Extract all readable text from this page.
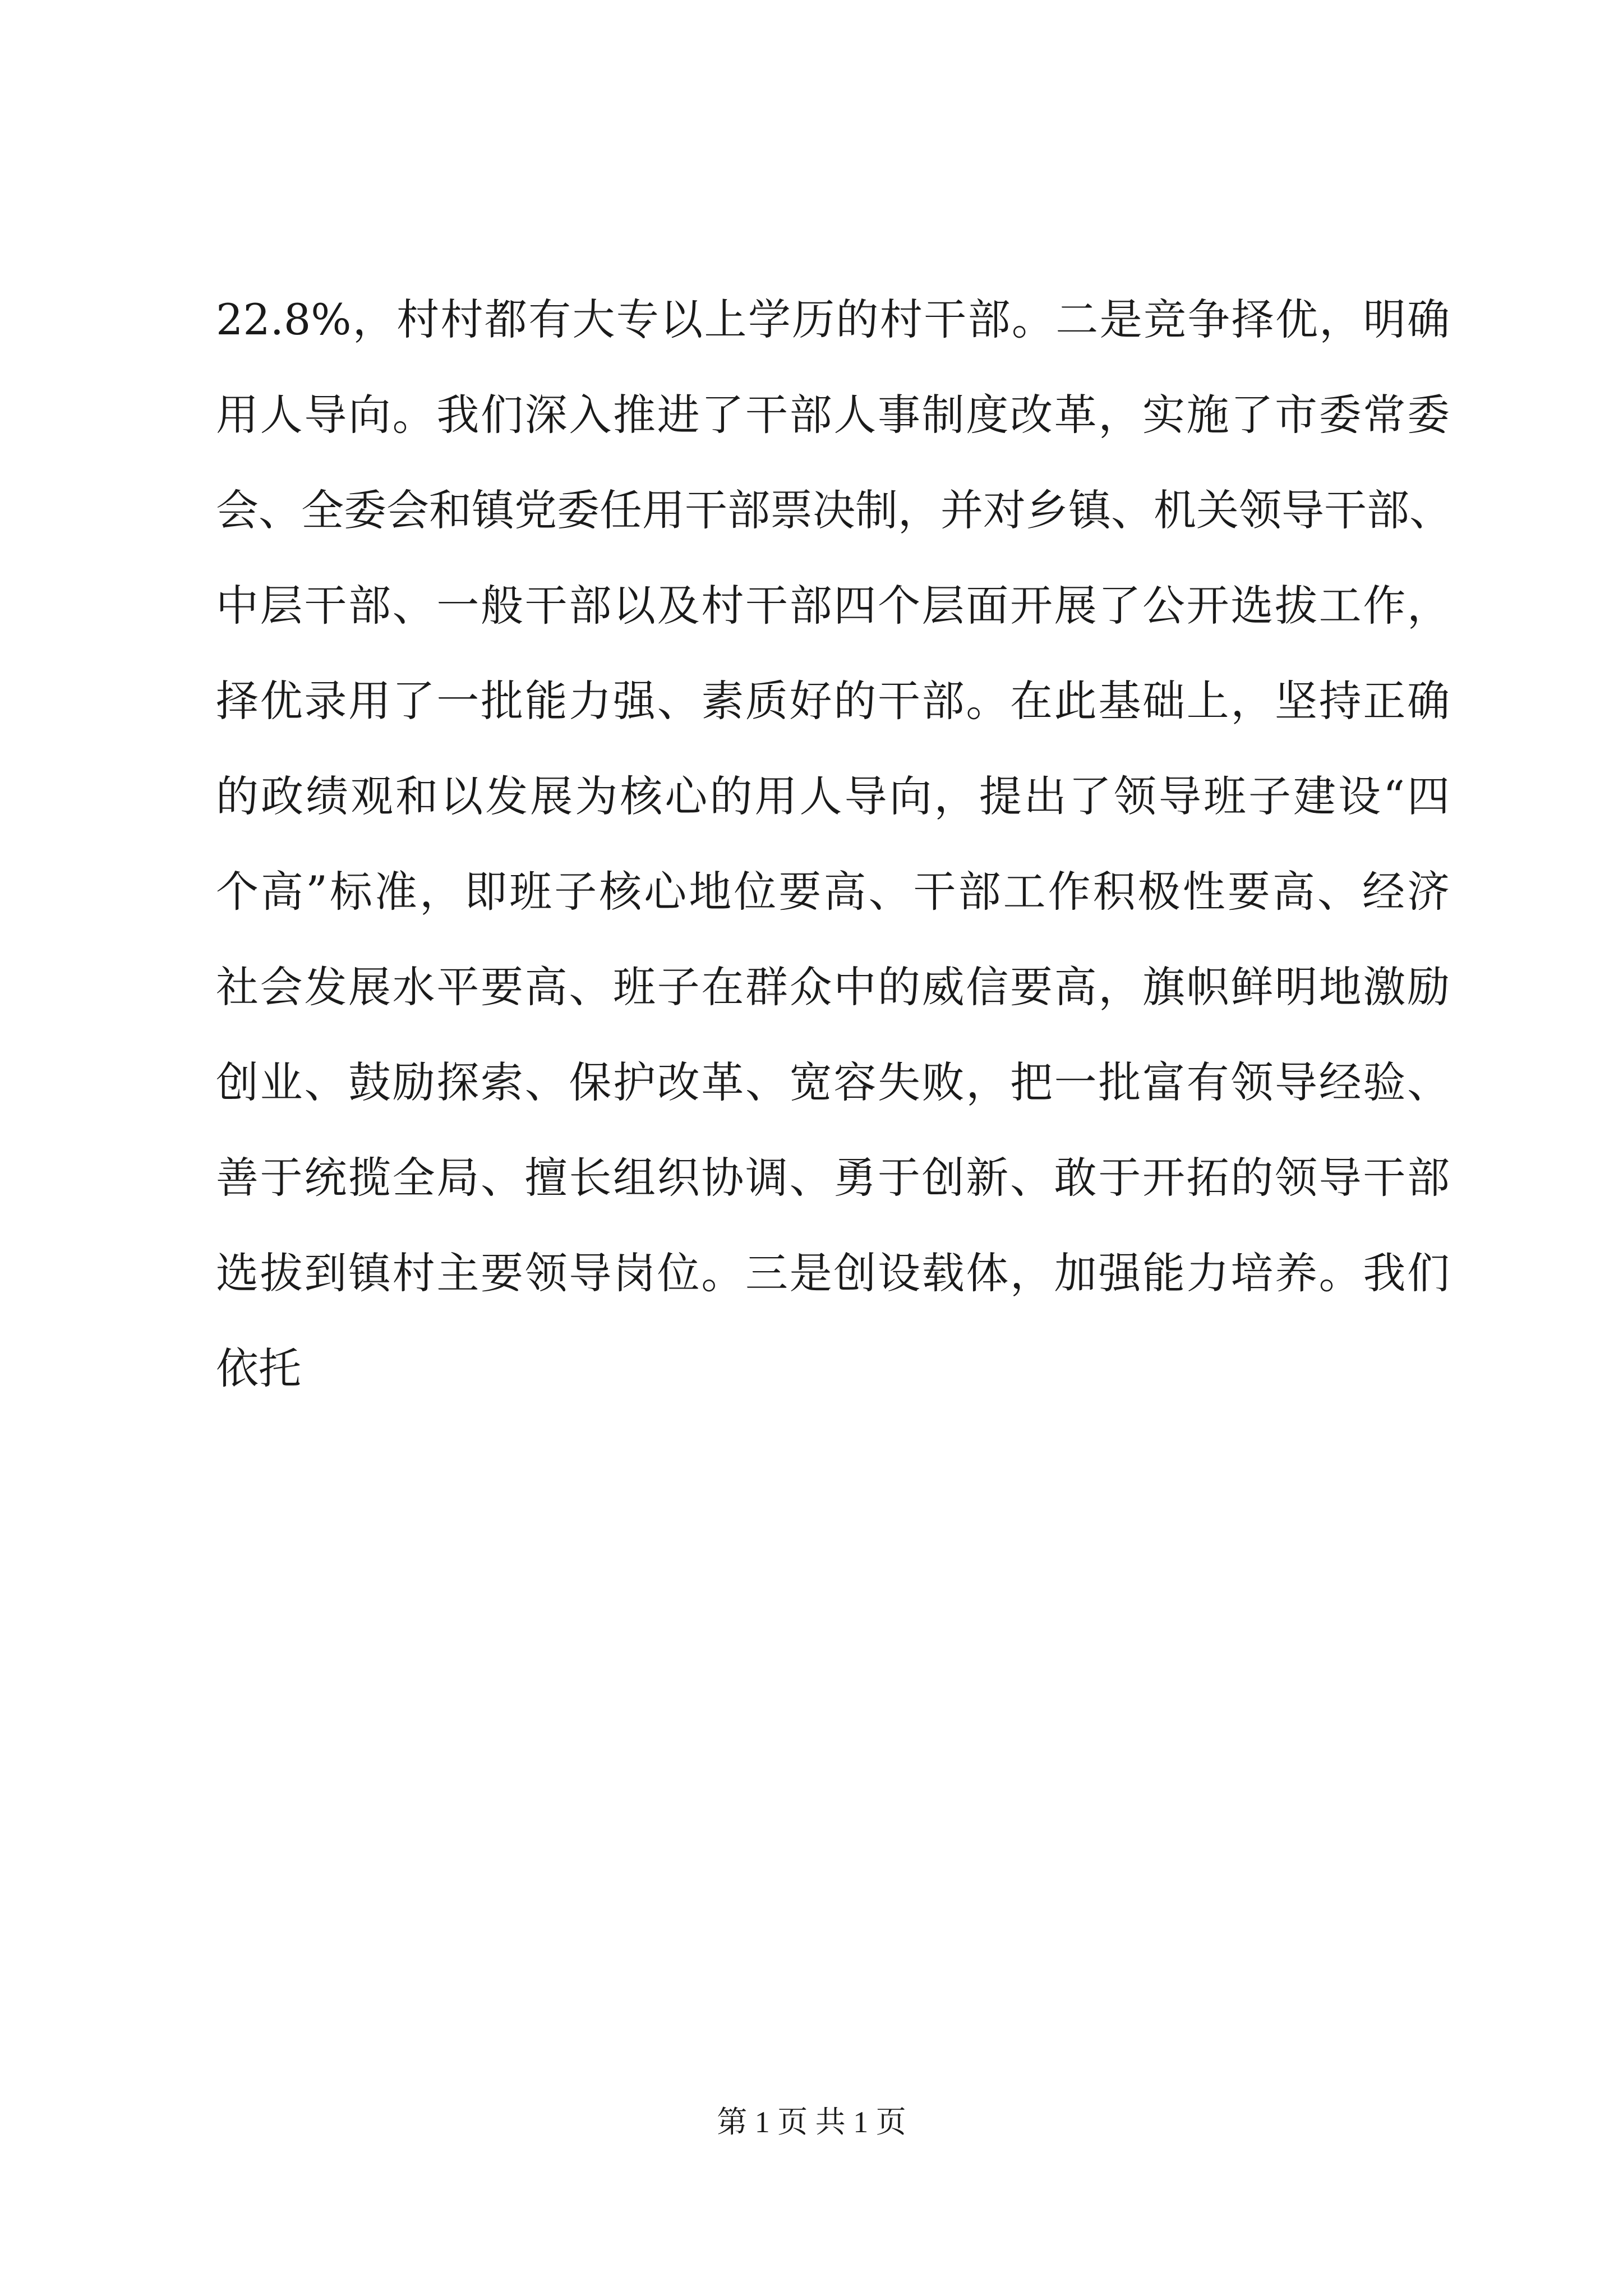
22.8%，村村都有大专以上学历的村干部。二是竞争择优，明确
用人导向。我们深入推进了干部人事制度改革，实施了市委常委
会、全委会和镇党委任用干部票决制，并对乡镇、机关领导干部、
中层干部、一般干部以及村干部四个层面开展了公开选拔工作，
择优录用了一批能力强、素质好的干部。在此基础上，坚持正确
的政绩观和以发展为核心的用人导向，提出了领导班子建设“四
个高”标准，即班子核心地位要高、干部工作积极性要高、经济
社会发展水平要高、班子在群众中的威信要高，旗帜鲜明地激励
创业、鼓励探索、保护改革、宽容失败，把一批富有领导经验、
善于统揽全局、擅长组织协调、勇于创新、敢于开拓的领导干部
选拔到镇村主要领导岗位。三是创设载体，加强能力培养。我们
依托
第 1 页 共 1 页
